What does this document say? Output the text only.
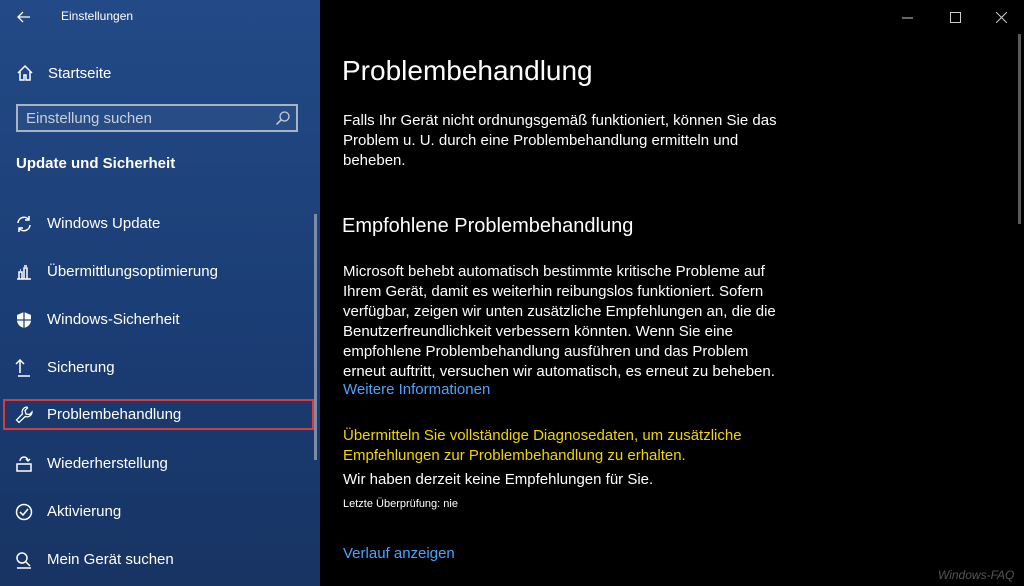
Einstellungen
Startseite
Einstellung suchen
Update und Sicherheit
Windows Update
Übermittlungsoptimierung
Windows-Sicherheit
Sicherung
Problembehandlung
Wiederherstellung
Aktivierung
Mein Gerät suchen
Problembehandlung
Falls Ihr Gerät nicht ordnungsgemäß funktioniert, können Sie das Problem u. U. durch eine Problembehandlung ermitteln und beheben.
Empfohlene Problembehandlung
Microsoft behebt automatisch bestimmte kritische Probleme auf Ihrem Gerät, damit es weiterhin reibungslos funktioniert. Sofern verfügbar, zeigen wir unten zusätzliche Empfehlungen an, die die Benutzerfreundlichkeit verbessern könnten. Wenn Sie eine empfohlene Problembehandlung ausführen und das Problem erneut auftritt, versuchen wir automatisch, es erneut zu beheben.
Weitere Informationen
Übermitteln Sie vollständige Diagnosedaten, um zusätzliche Empfehlungen zur Problembehandlung zu erhalten.
Wir haben derzeit keine Empfehlungen für Sie.
Letzte Überprüfung: nie
Verlauf anzeigen
Windows-FAQ
